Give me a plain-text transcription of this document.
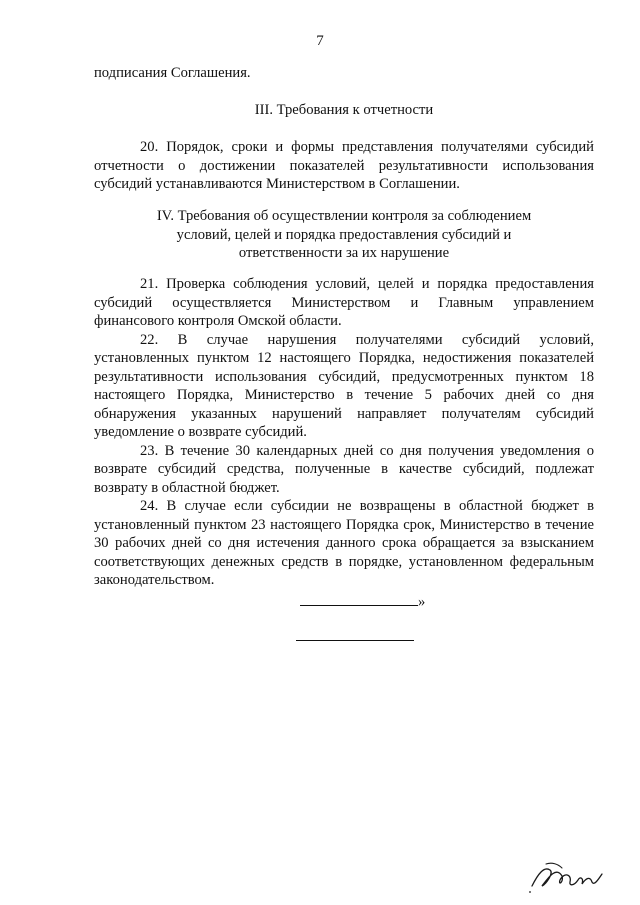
7
подписания Соглашения.
III. Требования к отчетности

20. Порядок, сроки и формы представления получателями субсидий отчетности о достижении показателей результативности использования субсидий устанавливаются Министерством в Соглашении.

IV. Требования об осуществлении контроля за соблюдением
условий, целей и порядка предоставления субсидий и
ответственности за их нарушение

21. Проверка соблюдения условий, целей и порядка предоставления субсидий осуществляется Министерством и Главным управлением финансового контроля Омской области.

22. В случае нарушения получателями субсидий условий, установленных пунктом 12 настоящего Порядка, недостижения показателей результативности использования субсидий, предусмотренных пунктом 18 настоящего Порядка, Министерство в течение 5 рабочих дней со дня обнаружения указанных нарушений направляет получателям субсидий уведомление о возврате субсидий.

23. В течение 30 календарных дней со дня получения уведомления о возврате субсидий средства, полученные в качестве субсидий, подлежат возврату в областной бюджет.

24. В случае если субсидии не возвращены в областной бюджет в установленный пунктом 23 настоящего Порядка срок, Министерство в течение 30 рабочих дней со дня истечения данного срока обращается за взысканием соответствующих денежных средств в порядке, установленном федеральным законодательством.

»
